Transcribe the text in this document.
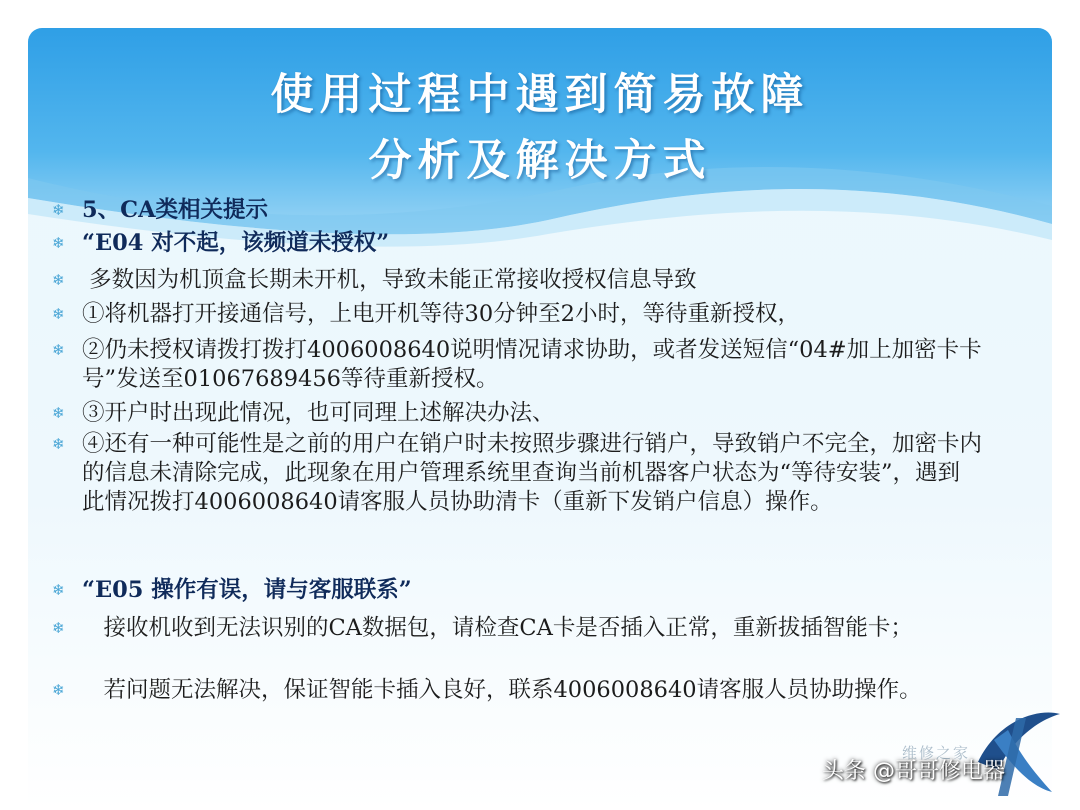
使用过程中遇到简易故障
分析及解决方式
❄ 5、CA类相关提示
❄ “E04 对不起，该频道未授权”
❄ 多数因为机顶盒长期未开机，导致未能正常接收授权信息导致
❄ ①将机器打开接通信号，上电开机等待30分钟至2小时，等待重新授权，
❄ ②仍未授权请拨打拨打4006008640说明情况请求协助，或者发送短信“04#加上加密卡卡号”发送至01067689456等待重新授权。
❄ ③开户时出现此情况，也可同理上述解决办法、
❄ ④还有一种可能性是之前的用户在销户时未按照步骤进行销户，导致销户不完全，加密卡内的信息未清除完成，此现象在用户管理系统里查询当前机器客户状态为“等待安装”，遇到此情况拨打4006008640请客服人员协助清卡（重新下发销户信息）操作。
❄ “E05 操作有误，请与客服联系”
❄ 接收机收到无法识别的CA数据包，请检查CA卡是否插入正常，重新拔插智能卡；
❄ 若问题无法解决，保证智能卡插入良好，联系4006008640请客服人员协助操作。
维修之家
头条 @哥哥修电器
